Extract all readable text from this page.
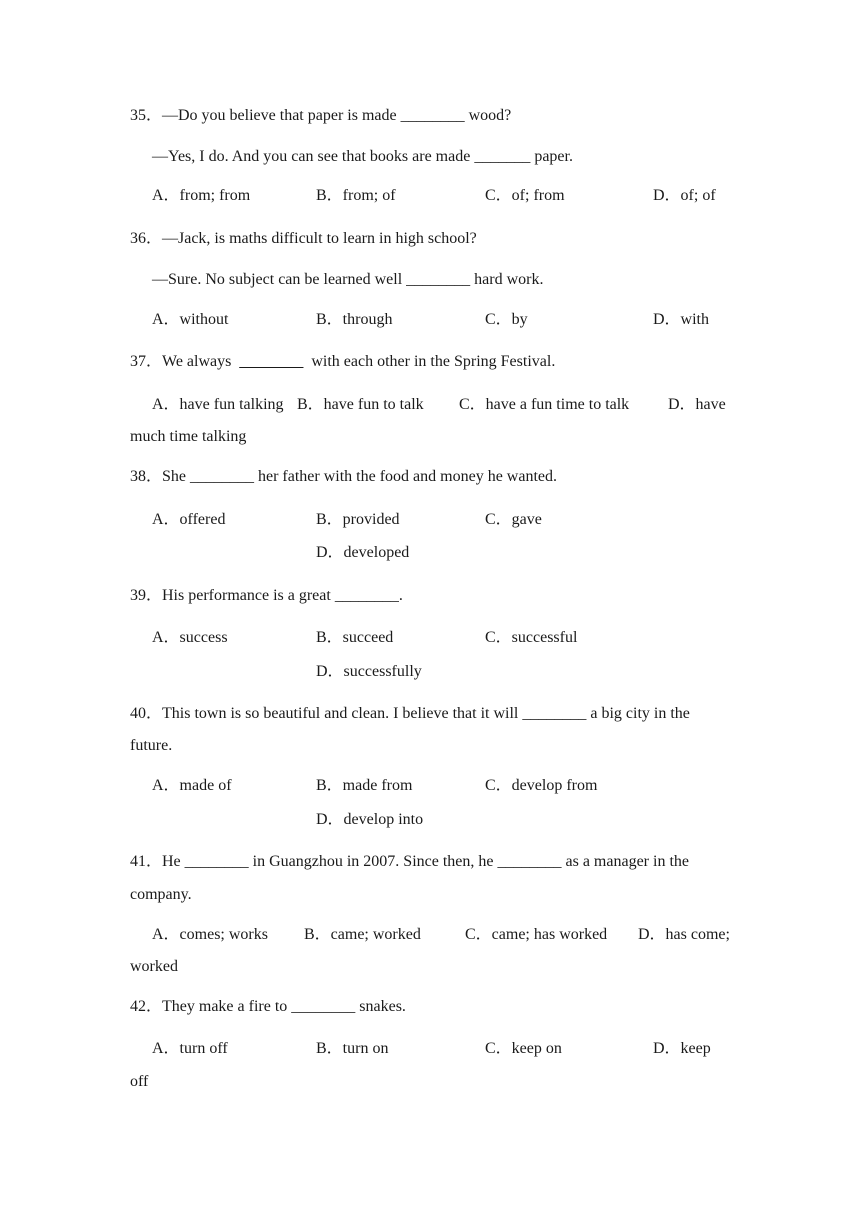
35．—Do you believe that paper is made ________ wood?
—Yes, I do. And you can see that books are made _______ paper.
A．from; from	B．from; of	C．of; from	D．of; of
36．—Jack, is maths difficult to learn in high school?
—Sure. No subject can be learned well ________ hard work.
A．without	B．through	C．by	D．with
37．We always ________ with each other in the Spring Festival.
A．have fun talking B．have fun to talk C．have a fun time to talk D．have
much time talking
38．She ________ her father with the food and money he wanted.
A．offered	B．provided	C．gave
D．developed
39．His performance is a great ________.
A．success	B．succeed	C．successful
D．successfully
40．This town is so beautiful and clean. I believe that it will ________ a big city in the
future.
A．made of	B．made from	C．develop from
D．develop into
41．He ________ in Guangzhou in 2007. Since then, he ________ as a manager in the
company.
A．comes; works B．came; worked	C．came; has worked D．has come;
worked
42．They make a fire to ________ snakes.
A．turn off	B．turn on	C．keep on	D．keep
off
